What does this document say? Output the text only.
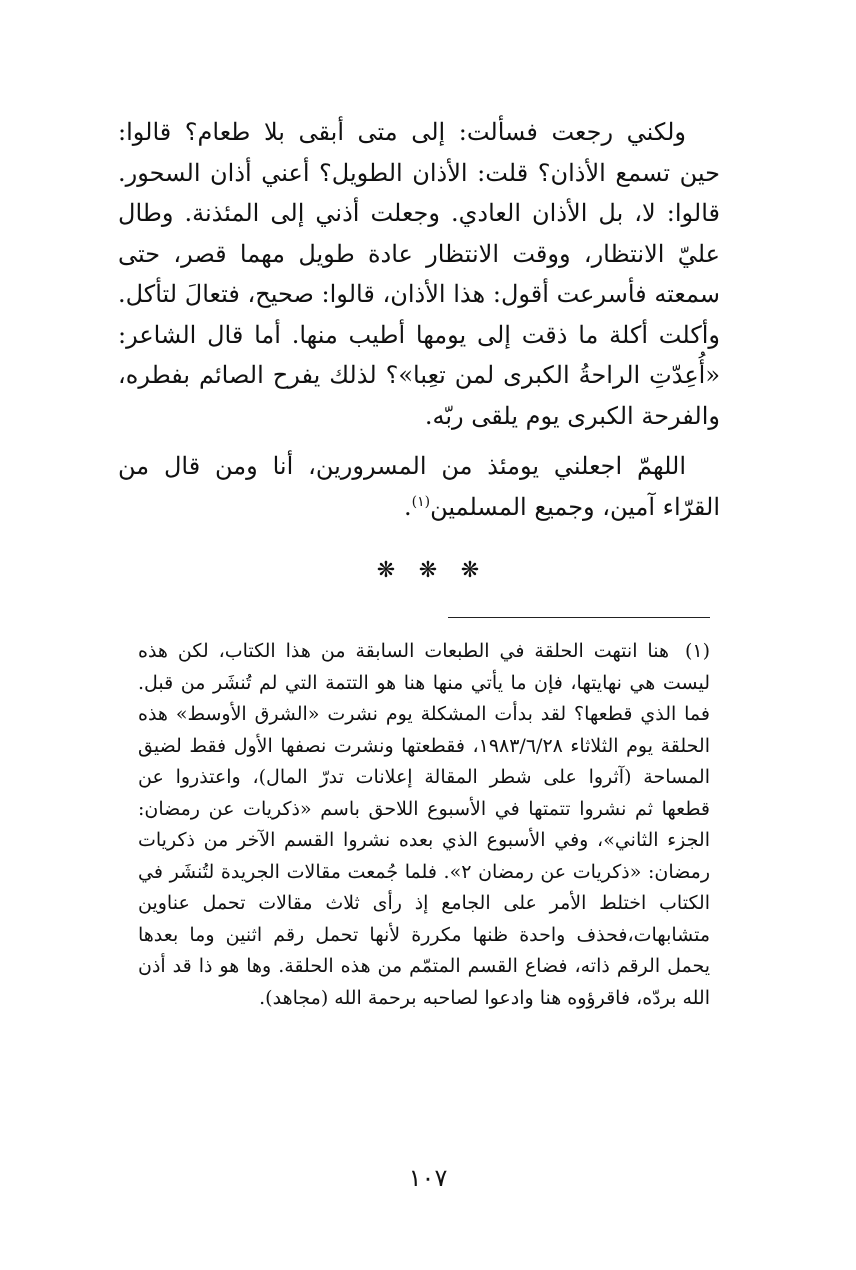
ولكني رجعت فسألت: إلى متى أبقى بلا طعام؟ قالوا: حين تسمع الأذان؟ قلت: الأذان الطويل؟ أعني أذان السحور. قالوا: لا، بل الأذان العادي. وجعلت أذني إلى المئذنة. وطال عليّ الانتظار، ووقت الانتظار عادة طويل مهما قصر، حتى سمعته فأسرعت أقول: هذا الأذان، قالوا: صحيح، فتعالَ لتأكل. وأكلت أكلة ما ذقت إلى يومها أطيب منها. أما قال الشاعر: «أُعِدّتِ الراحةُ الكبرى لمن تعِبا»؟ لذلك يفرح الصائم بفطره، والفرحة الكبرى يوم يلقى ربّه.

اللهمّ اجعلني يومئذ من المسرورين، أنا ومن قال من القرّاء آمين، وجميع المسلمين$^{(١)}$.

❋ ❋ ❋

(١) هنا انتهت الحلقة في الطبعات السابقة من هذا الكتاب، لكن هذه ليست هي نهايتها، فإن ما يأتي منها هنا هو التتمة التي لم تُنشَر من قبل. فما الذي قطعها؟ لقد بدأت المشكلة يوم نشرت «الشرق الأوسط» هذه الحلقة يوم الثلاثاء ١٩٨٣/٦/٢٨، فقطعتها ونشرت نصفها الأول فقط لضيق المساحة (آثروا على شطر المقالة إعلانات تدرّ المال)، واعتذروا عن قطعها ثم نشروا تتمتها في الأسبوع اللاحق باسم «ذكريات عن رمضان: الجزء الثاني»، وفي الأسبوع الذي بعده نشروا القسم الآخر من ذكريات رمضان: «ذكريات عن رمضان ٢». فلما جُمعت مقالات الجريدة لتُنشَر في الكتاب اختلط الأمر على الجامع إذ رأى ثلاث مقالات تحمل عناوين متشابهات،فحذف واحدة ظنها مكررة لأنها تحمل رقم اثنين وما بعدها يحمل الرقم ذاته، فضاع القسم المتمّم من هذه الحلقة. وها هو ذا قد أذن الله بردّه، فاقرؤوه هنا وادعوا لصاحبه برحمة الله (مجاهد).

١٠٧
